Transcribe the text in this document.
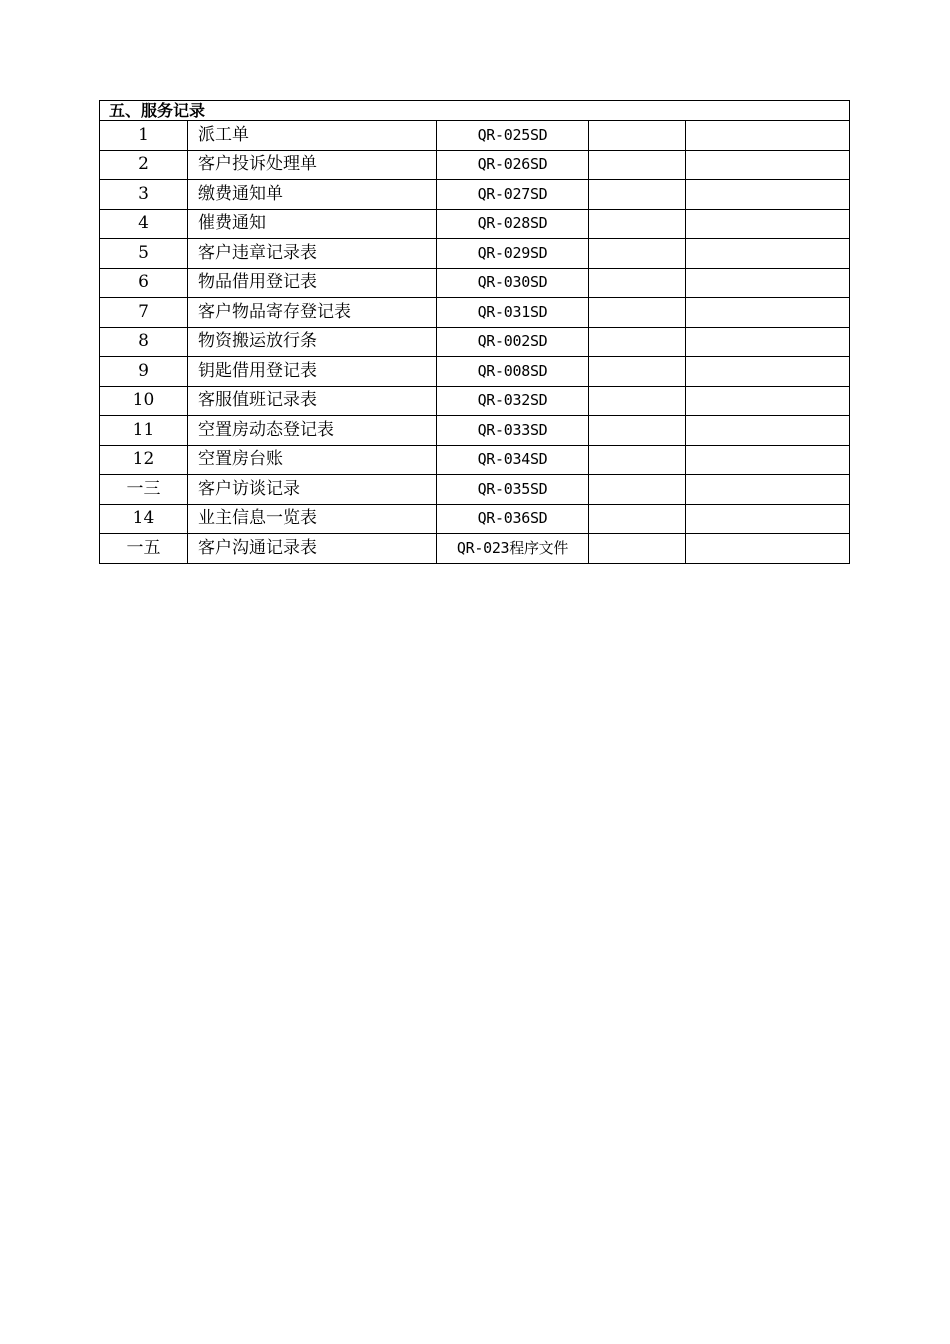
五、服务记录				
1	派工单	QR-025SD		
2	客户投诉处理单	QR-026SD		
3	缴费通知单	QR-027SD		
4	催费通知	QR-028SD		
5	客户违章记录表	QR-029SD		
6	物品借用登记表	QR-030SD		
7	客户物品寄存登记表	QR-031SD		
8	物资搬运放行条	QR-002SD		
9	钥匙借用登记表	QR-008SD		
10	客服值班记录表	QR-032SD		
11	空置房动态登记表	QR-033SD		
12	空置房台账	QR-034SD		
一三	客户访谈记录	QR-035SD		
14	业主信息一览表	QR-036SD		
一五	客户沟通记录表	QR-023程序文件		
